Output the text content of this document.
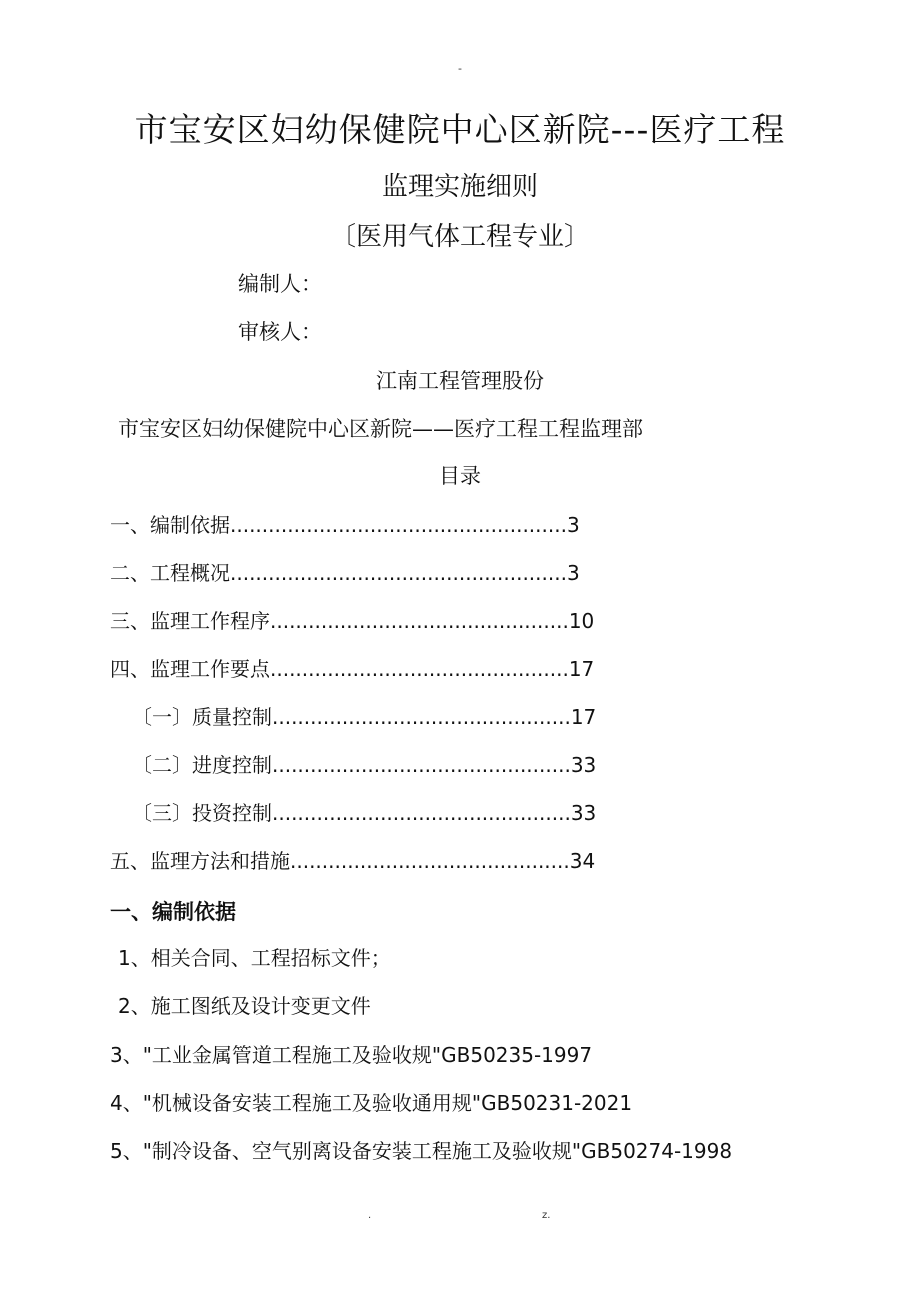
-
市宝安区妇幼保健院中心区新院---医疗工程
监理实施细则
〔医用气体工程专业〕
编制人：
审核人：
江南工程管理股份
市宝安区妇幼保健院中心区新院——医疗工程工程监理部
目录
一、编制依据.....................................................3
二、工程概况.....................................................3
三、监理工作程序...............................................10
四、监理工作要点...............................................17
〔一〕质量控制...............................................17
〔二〕进度控制...............................................33
〔三〕投资控制...............................................33
五、监理方法和措施............................................34
一、编制依据
1、相关合同、工程招标文件；
2、施工图纸及设计变更文件
3、"工业金属管道工程施工及验收规"GB50235-1997
4、"机械设备安装工程施工及验收通用规"GB50231-2021
5、"制冷设备、空气别离设备安装工程施工及验收规"GB50274-1998
.	z.
